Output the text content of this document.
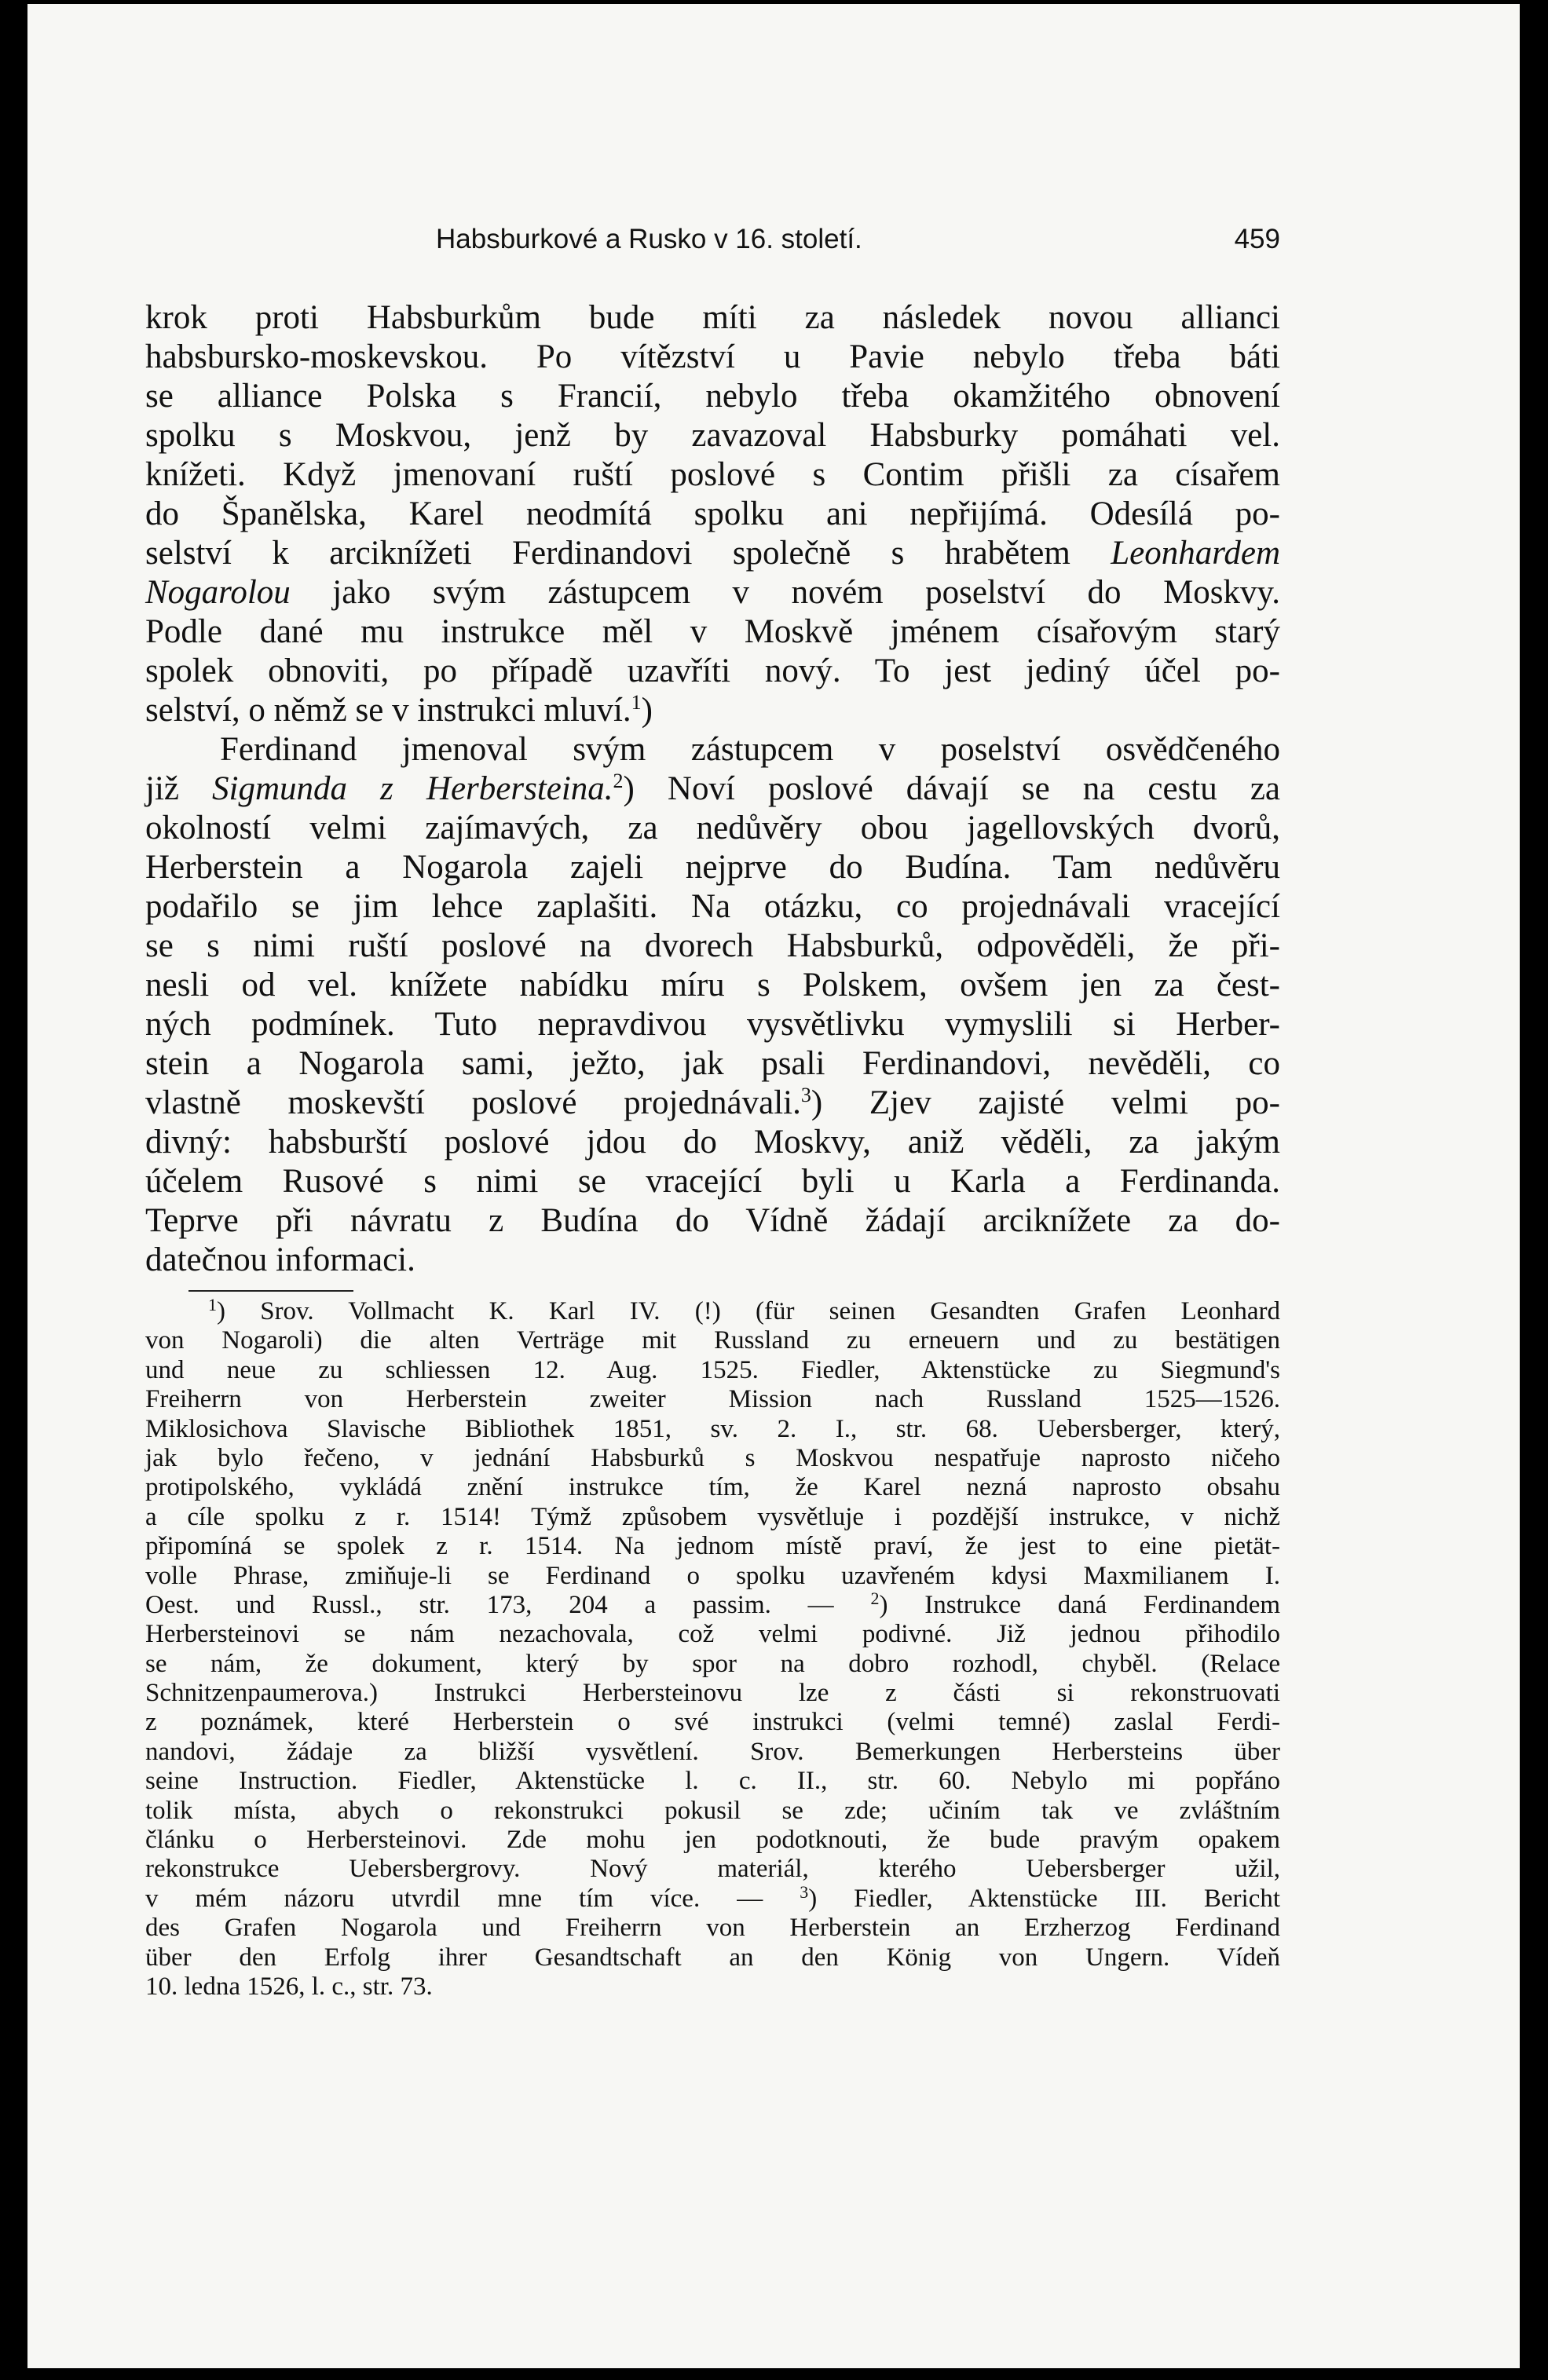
Habsburkové a Rusko v 16. století.	459
krok proti Habsburkům bude míti za následek novou allianci
habsbursko-moskevskou. Po vítězství u Pavie nebylo třeba báti
se alliance Polska s Francií, nebylo třeba okamžitého obnovení
spolku s Moskvou, jenž by zavazoval Habsburky pomáhati vel.
knížeti. Když jmenovaní ruští poslové s Contim přišli za císařem
do Španělska, Karel neodmítá spolku ani nepřijímá. Odesílá po-
selství k arciknížeti Ferdinandovi společně s hrabětem Leonhardem
Nogarolou jako svým zástupcem v novém poselství do Moskvy.
Podle dané mu instrukce měl v Moskvě jménem císařovým starý
spolek obnoviti, po případě uzavříti nový. To jest jediný účel po-
selství, o němž se v instrukci mluví.$^1$)
Ferdinand jmenoval svým zástupcem v poselství osvědčeného
již Sigmunda z Herbersteina.$^2$) Noví poslové dávají se na cestu za
okolností velmi zajímavých, za nedůvěry obou jagellovských dvorů,
Herberstein a Nogarola zajeli nejprve do Budína. Tam nedůvěru
podařilo se jim lehce zaplašiti. Na otázku, co projednávali vracející
se s nimi ruští poslové na dvorech Habsburků, odpověděli, že při-
nesli od vel. knížete nabídku míru s Polskem, ovšem jen za čest-
ných podmínek. Tuto nepravdivou vysvětlivku vymyslili si Herber-
stein a Nogarola sami, ježto, jak psali Ferdinandovi, nevěděli, co
vlastně moskevští poslové projednávali.$^3$) Zjev zajisté velmi po-
divný: habsburští poslové jdou do Moskvy, aniž věděli, za jakým
účelem Rusové s nimi se vracející byli u Karla a Ferdinanda.
Teprve při návratu z Budína do Vídně žádají arciknížete za do-
datečnou informaci.
$^1$) Srov. Vollmacht K. Karl IV. (!) (für seinen Gesandten Grafen Leonhard
von Nogaroli) die alten Verträge mit Russland zu erneuern und zu bestätigen
und neue zu schliessen 12. Aug. 1525. Fiedler, Aktenstücke zu Siegmund's
Freiherrn von Herberstein zweiter Mission nach Russland 1525—1526.
Miklosichova Slavische Bibliothek 1851, sv. 2. I., str. 68. Uebersberger, který,
jak bylo řečeno, v jednání Habsburků s Moskvou nespatřuje naprosto ničeho
protipolského, vykládá znění instrukce tím, že Karel nezná naprosto obsahu
a cíle spolku z r. 1514! Týmž způsobem vysvětluje i pozdější instrukce, v nichž
připomíná se spolek z r. 1514. Na jednom místě praví, že jest to eine pietät-
volle Phrase, zmiňuje-li se Ferdinand o spolku uzavřeném kdysi Maxmilianem I.
Oest. und Russl., str. 173, 204 a passim. — $^2$) Instrukce daná Ferdinandem
Herbersteinovi se nám nezachovala, což velmi podivné. Již jednou přihodilo
se nám, že dokument, který by spor na dobro rozhodl, chyběl. (Relace
Schnitzenpaumerova.) Instrukci Herbersteinovu lze z části si rekonstruovati
z poznámek, které Herberstein o své instrukci (velmi temné) zaslal Ferdi-
nandovi, žádaje za bližší vysvětlení. Srov. Bemerkungen Herbersteins über
seine Instruction. Fiedler, Aktenstücke l. c. II., str. 60. Nebylo mi popřáno
tolik místa, abych o rekonstrukci pokusil se zde; učiním tak ve zvláštním
článku o Herbersteinovi. Zde mohu jen podotknouti, že bude pravým opakem
rekonstrukce Uebersbergrovy. Nový materiál, kterého Uebersberger užil,
v mém názoru utvrdil mne tím více. — $^3$) Fiedler, Aktenstücke III. Bericht
des Grafen Nogarola und Freiherrn von Herberstein an Erzherzog Ferdinand
über den Erfolg ihrer Gesandtschaft an den König von Ungern. Vídeň
10. ledna 1526, l. c., str. 73.
